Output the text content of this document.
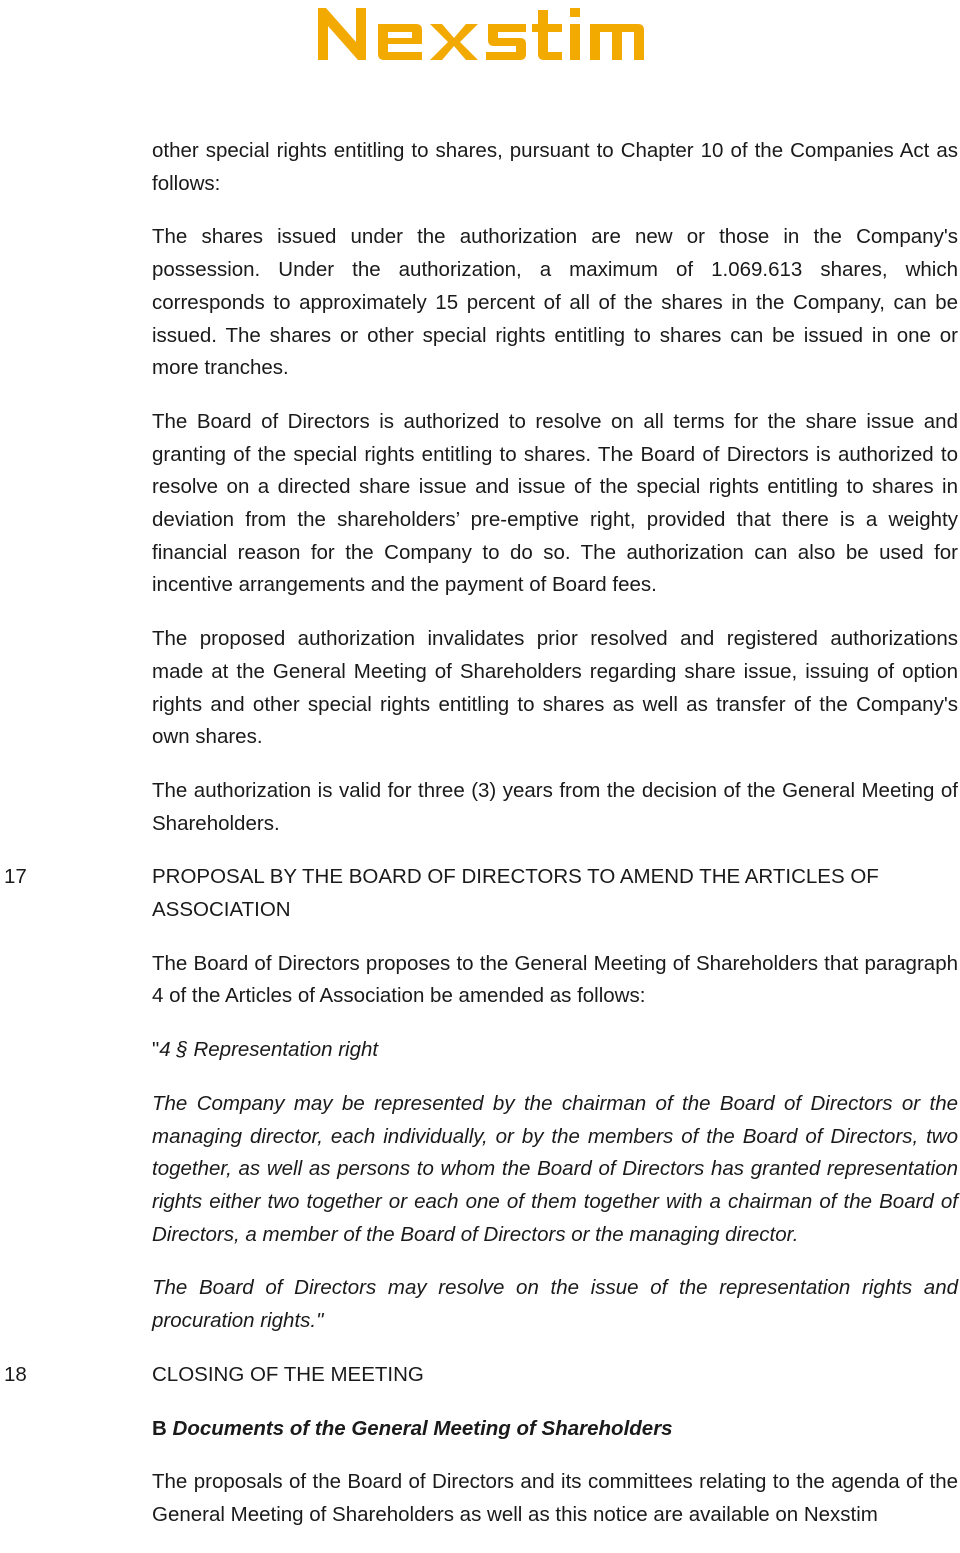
other special rights entitling to shares, pursuant to Chapter 10 of the Companies Act as follows:

The shares issued under the authorization are new or those in the Company's possession. Under the authorization, a maximum of 1.069.613 shares, which corresponds to approximately 15 percent of all of the shares in the Company, can be issued. The shares or other special rights entitling to shares can be issued in one or more tranches.

The Board of Directors is authorized to resolve on all terms for the share issue and granting of the special rights entitling to shares. The Board of Directors is authorized to resolve on a directed share issue and issue of the special rights entitling to shares in deviation from the shareholders’ pre-emptive right, provided that there is a weighty financial reason for the Company to do so. The authorization can also be used for incentive arrangements and the payment of Board fees.

The proposed authorization invalidates prior resolved and registered authorizations made at the General Meeting of Shareholders regarding share issue, issuing of option rights and other special rights entitling to shares as well as transfer of the Company's own shares.

The authorization is valid for three (3) years from the decision of the General Meeting of Shareholders.

17	PROPOSAL BY THE BOARD OF DIRECTORS TO AMEND THE ARTICLES OF ASSOCIATION

The Board of Directors proposes to the General Meeting of Shareholders that paragraph 4 of the Articles of Association be amended as follows:

"4 § Representation right

The Company may be represented by the chairman of the Board of Directors or the managing director, each individually, or by the members of the Board of Directors, two together, as well as persons to whom the Board of Directors has granted representation rights either two together or each one of them together with a chairman of the Board of Directors, a member of the Board of Directors or the managing director.

The Board of Directors may resolve on the issue of the representation rights and procuration rights."

18	CLOSING OF THE MEETING
B Documents of the General Meeting of Shareholders

The proposals of the Board of Directors and its committees relating to the agenda of the General Meeting of Shareholders as well as this notice are available on Nexstim
